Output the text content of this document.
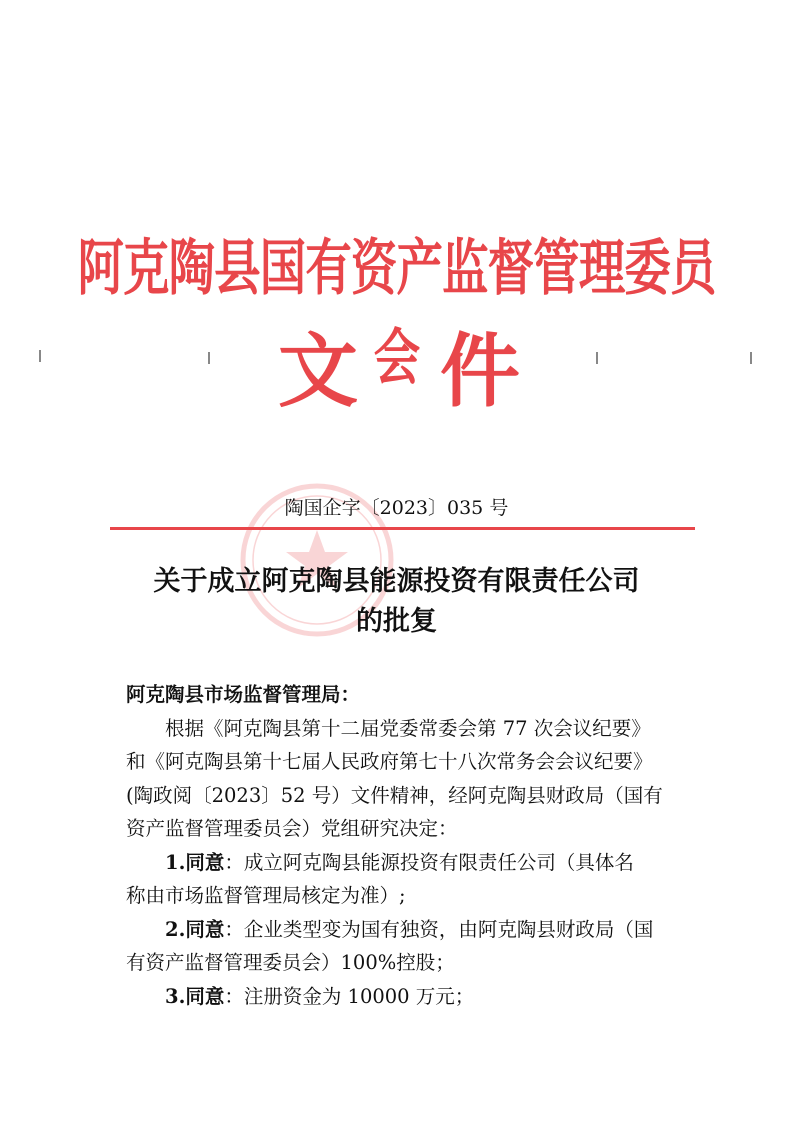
阿克陶县国有资产监督管理委员会
文 件
陶国企字〔2023〕035 号
关于成立阿克陶县能源投资有限责任公司
的批复

阿克陶县市场监督管理局：

根据《阿克陶县第十二届党委常委会第 77 次会议纪要》

和《阿克陶县第十七届人民政府第七十八次常务会会议纪要》

(陶政阅〔2023〕52 号）文件精神，经阿克陶县财政局（国有

资产监督管理委员会）党组研究决定：

1.同意：成立阿克陶县能源投资有限责任公司（具体名

称由市场监督管理局核定为准）;

2.同意：企业类型变为国有独资，由阿克陶县财政局（国

有资产监督管理委员会）100%控股；

3.同意：注册资金为 10000 万元；
